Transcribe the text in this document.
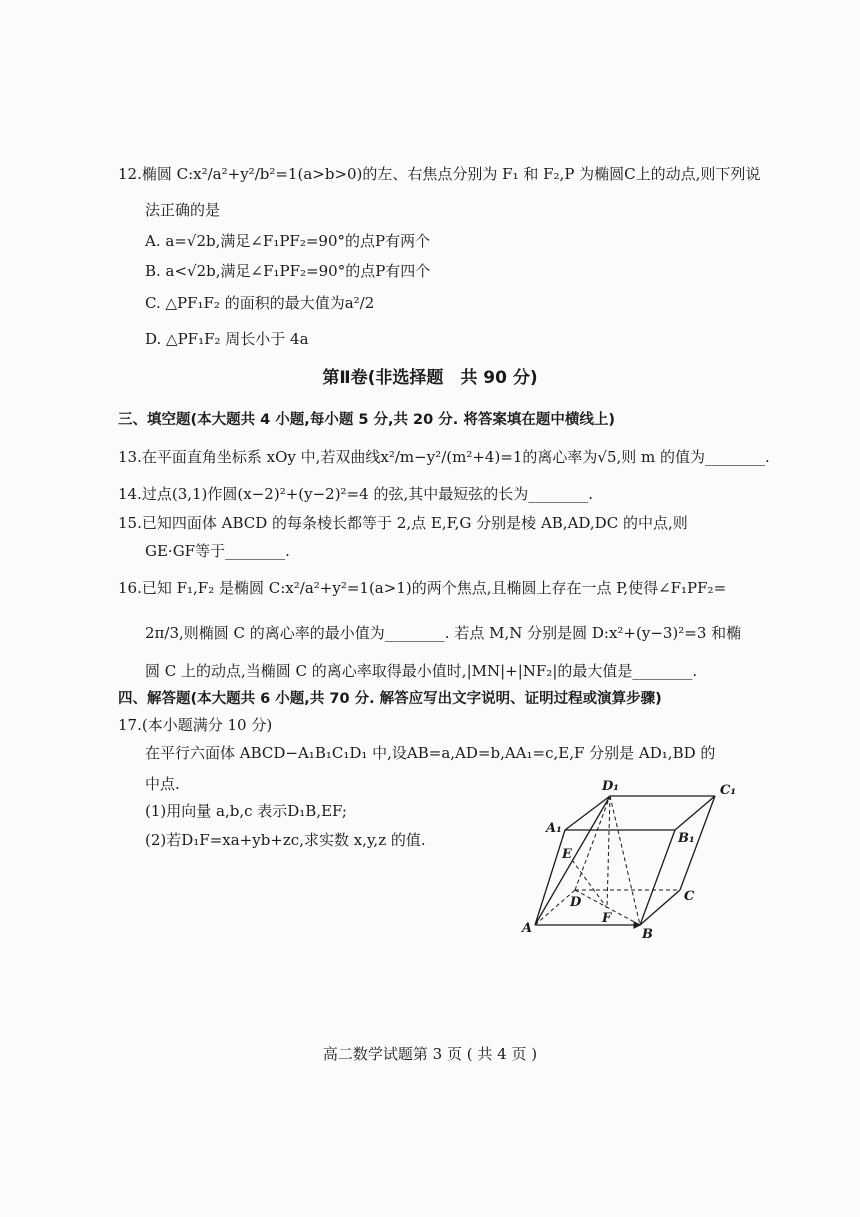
12.椭圆 C:x²/a²+y²/b²=1(a>b>0)的左、右焦点分别为 F₁ 和 F₂,P 为椭圆C上的动点,则下列说
法正确的是
A. a=√2b,满足∠F₁PF₂=90°的点P有两个
B. a<√2b,满足∠F₁PF₂=90°的点P有四个
C. △PF₁F₂ 的面积的最大值为a²/2
D. △PF₁F₂ 周长小于 4a
第Ⅱ卷(非选择题　共 90 分)
三、填空题(本大题共 4 小题,每小题 5 分,共 20 分. 将答案填在题中横线上)
13.在平面直角坐标系 xOy 中,若双曲线x²/m−y²/(m²+4)=1的离心率为√5,则 m 的值为________.
14.过点(3,1)作圆(x−2)²+(y−2)²=4 的弦,其中最短弦的长为________.
15.已知四面体 ABCD 的每条棱长都等于 2,点 E,F,G 分别是棱 AB,AD,DC 的中点,则
GE·GF等于________.
16.已知 F₁,F₂ 是椭圆 C:x²/a²+y²=1(a>1)的两个焦点,且椭圆上存在一点 P,使得∠F₁PF₂=
2π/3,则椭圆 C 的离心率的最小值为________. 若点 M,N 分别是圆 D:x²+(y−3)²=3 和椭
圆 C 上的动点,当椭圆 C 的离心率取得最小值时,|MN|+|NF₂|的最大值是________.
四、解答题(本大题共 6 小题,共 70 分. 解答应写出文字说明、证明过程或演算步骤)
17.(本小题满分 10 分)
在平行六面体 ABCD−A₁B₁C₁D₁ 中,设AB=a,AD=b,AA₁=c,E,F 分别是 AD₁,BD 的
中点.
(1)用向量 a,b,c 表示D₁B,EF;
(2)若D₁F=xa+yb+zc,求实数 x,y,z 的值.
D₁	C₁
A₁
B₁
E
D
F
C
A	B
高二数学试题第 3 页 ( 共 4 页 )
